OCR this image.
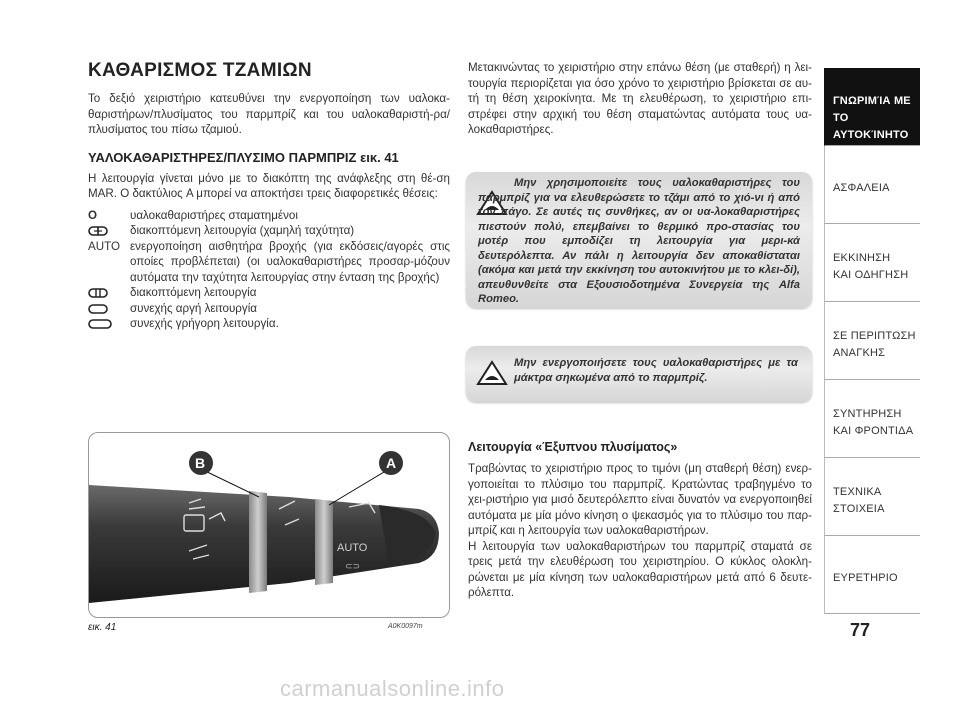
ΚΑΘΑΡΙΣΜΟΣ ΤΖΑΜΙΩΝ
Το δεξιό χειριστήριο κατευθύνει την ενεργοποίηση των υαλοκα-θαριστήρων/πλυσίματος του παρμπρίζ και του υαλοκαθαριστή-ρα/πλυσίματος του πίσω τζαμιού.
ΥΑΛΟΚΑΘΑΡΙΣΤΗΡΕΣ/ΠΛΥΣΙΜΟ ΠΑΡΜΠΡΙΖ εικ. 41
Η λειτουργία γίνεται μόνο με το διακόπτη της ανάφλεξης στη θέ-ση MAR. Ο δακτύλιος A μπορεί να αποκτήσει τρεις διαφορετικές θέσεις:
O	υαλοκαθαριστήρες σταματημένοι
διακοπτόμενη λειτουργία (χαμηλή ταχύτητα)
AUTO ενεργοποίηση αισθητήρα βροχής (για εκδόσεις/αγορές στις οποίες προβλέπεται) (οι υαλοκαθαριστήρες προσαρ-μόζουν αυτόματα την ταχύτητα λειτουργίας στην ένταση της βροχής)
διακοπτόμενη λειτουργία
συνεχής αργή λειτουργία
συνεχής γρήγορη λειτουργία.
AUTO
⊂⊃
B	A
εικ. 41	A0K0097m
Μετακινώντας το χειριστήριο στην επάνω θέση (με σταθερή) η λει-τουργία περιορίζεται για όσο χρόνο το χειριστήριο βρίσκεται σε αυ-τή τη θέση χειροκίνητα. Με τη ελευθέρωση, το χειριστήριο επι-στρέφει στην αρχική του θέση σταματώντας αυτόματα τους υα-λοκαθαριστήρες.
Μην χρησιμοποιείτε τους υαλοκαθαριστήρες του παρμπρίζ για να ελευθερώσετε το τζάμι από το χιό-νι ή από τον πάγο. Σε αυτές τις συνθήκες, αν οι υα-λοκαθαριστήρες πιεστούν πολύ, επεμβαίνει το θερμικό προ-στασίας του μοτέρ που εμποδίζει τη λειτουργία για μερι-κά δευτερόλεπτα. Αν πάλι η λειτουργία δεν αποκαθίσταται (ακόμα και μετά την εκκίνηση του αυτοκινήτου με το κλει-δί), απευθυνθείτε στα Εξουσιοδοτημένα Συνεργεία της Alfa Romeo.
Μην ενεργοποιήσετε τους υαλοκαθαριστήρες με τα μάκτρα σηκωμένα από το παρμπρίζ.
Λειτουργία «Έξυπνου πλυσίματος»
Τραβώντας το χειριστήριο προς το τιμόνι (μη σταθερή θέση) ενερ-γοποιείται το πλύσιμο του παρμπρίζ. Κρατώντας τραβηγμένο το χει-ριστήριο για μισό δευτερόλεπτο είναι δυνατόν να ενεργοποιηθεί αυτόματα με μία μόνο κίνηση ο ψεκασμός για το πλύσιμο του παρ-μπρίζ και η λειτουργία των υαλοκαθαριστήρων.
Η λειτουργία των υαλοκαθαριστήρων του παρμπρίζ σταματά σε τρεις μετά την ελευθέρωση του χειριστηρίου. Ο κύκλος ολοκλη-ρώνεται με μία κίνηση των υαλοκαθαριστήρων μετά από 6 δευτε-ρόλεπτα.
ΓΝΩΡΙΜΊΑ ΜΕ ΤΟ
ΑΥΤΟΚΊΝΗΤΟ
ΑΣΦΑΛΕΙΑ
ΕΚΚΙΝΗΣΗ
ΚΑΙ ΟΔΗΓΗΣΗ
ΣΕ ΠΕΡΙΠΤΩΣΗ
ΑΝΑΓΚΗΣ
ΣΥΝΤΗΡΗΣΗ
ΚΑΙ ΦΡΟΝΤΙΔΑ
ΤΕΧΝΙΚΑ
ΣΤΟΙΧΕΙΑ
ΕΥΡΕΤΗΡΙΟ
77
carmanualsonline.info
